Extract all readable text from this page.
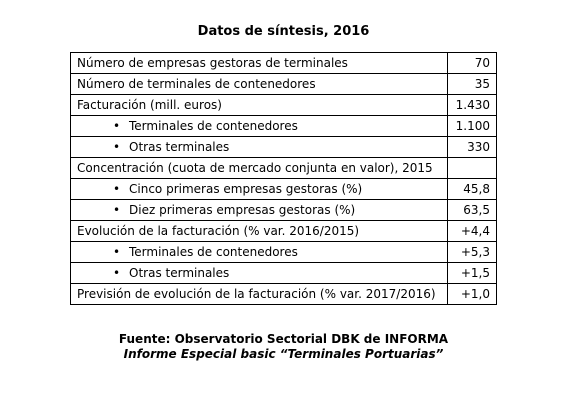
Datos de síntesis, 2016
Número de empresas gestoras de terminales	70
Número de terminales de contenedores	35
Facturación (mill. euros)	1.430
• Terminales de contenedores	1.100
• Otras terminales	330
Concentración (cuota de mercado conjunta en valor), 2015	
• Cinco primeras empresas gestoras (%)	45,8
• Diez primeras empresas gestoras (%)	63,5
Evolución de la facturación (% var. 2016/2015)	+4,4
• Terminales de contenedores	+5,3
• Otras terminales	+1,5
Previsión de evolución de la facturación (% var. 2017/2016)	+1,0
Fuente: Observatorio Sectorial DBK de INFORMA
Informe Especial basic “Terminales Portuarias”
